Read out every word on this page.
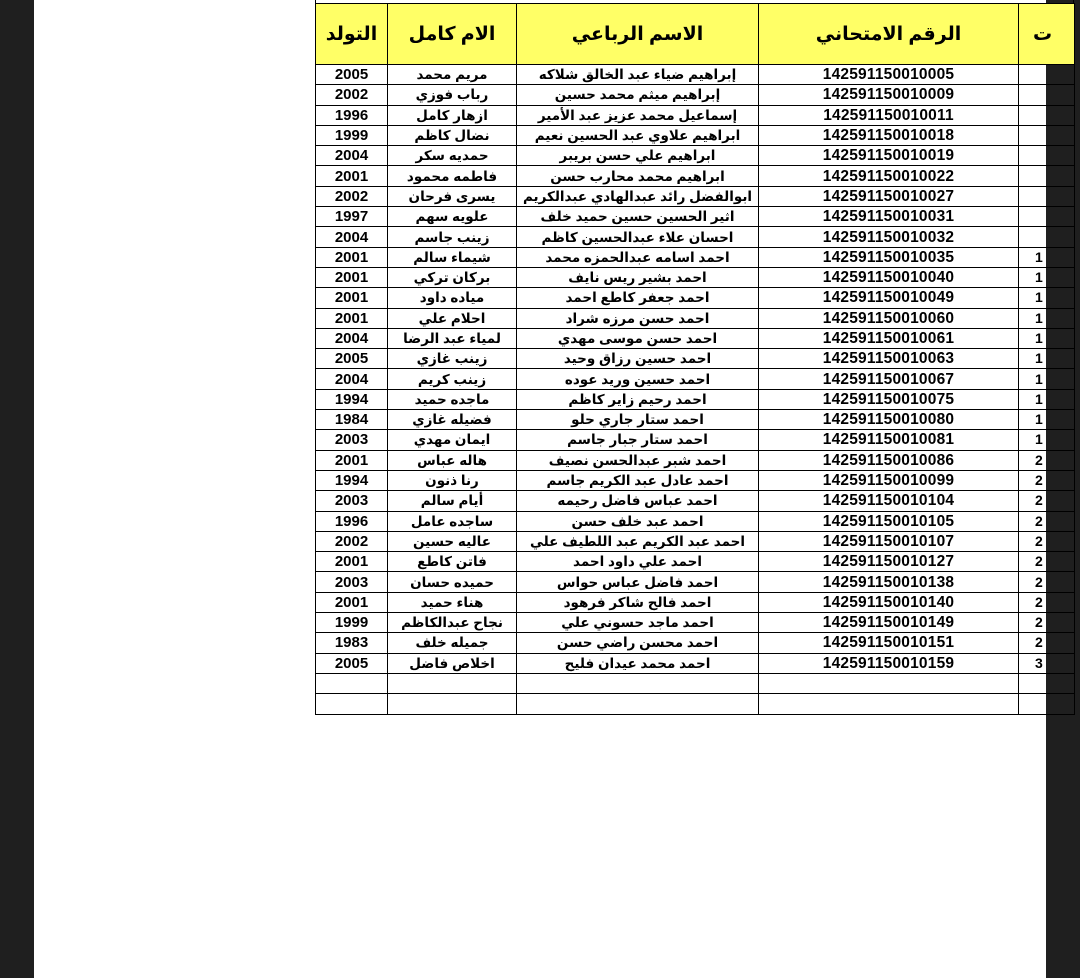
التولد	الام كامل	الاسم الرباعي	الرقم الامتحاني	ت
2005	مريم محمد	إبراهيم ضياء عبد الخالق شلاكه	142591150010005	
2002	رباب فوزي	إبراهيم ميثم محمد حسين	142591150010009	
1996	ازهار كامل	إسماعيل محمد عزيز عبد الأمير	142591150010011	
1999	نضال كاظم	ابراهيم علاوي عبد الحسين نعيم	142591150010018	
2004	حمديه سكر	ابراهيم علي حسن بريبر	142591150010019	
2001	فاطمه محمود	ابراهيم محمد محارب حسن	142591150010022	
2002	يسرى فرحان	ابوالفضل رائد عبدالهادي عبدالكريم	142591150010027	
1997	علويه سهم	اثير الحسين حسين حميد خلف	142591150010031	
2004	زينب جاسم	احسان علاء عبدالحسين كاظم	142591150010032	
2001	شيماء سالم	احمد اسامه عبدالحمزه محمد	142591150010035	1
2001	بركان تركي	احمد بشير ريس نايف	142591150010040	1
2001	مياده داود	احمد جعفر كاطع احمد	142591150010049	1
2001	احلام علي	احمد حسن مرزه شراد	142591150010060	1
2004	لمياء عبد الرضا	احمد حسن موسى مهدي	142591150010061	1
2005	زينب غازي	احمد حسين رزاق وحيد	142591150010063	1
2004	زينب كريم	احمد حسين وريد عوده	142591150010067	1
1994	ماجده حميد	احمد رحيم زاير كاظم	142591150010075	1
1984	فضيله غازي	احمد ستار جاري حلو	142591150010080	1
2003	ايمان مهدي	احمد ستار جبار جاسم	142591150010081	1
2001	هاله عباس	احمد شبر عبدالحسن نصيف	142591150010086	2
1994	رنا ذنون	احمد عادل عبد الكريم جاسم	142591150010099	2
2003	أيام سالم	احمد عباس فاضل رحيمه	142591150010104	2
1996	ساجده عامل	احمد عبد خلف حسن	142591150010105	2
2002	عاليه حسين	احمد عبد الكريم عبد اللطيف علي	142591150010107	2
2001	فاتن كاطع	احمد علي داود احمد	142591150010127	2
2003	حميده حسان	احمد فاضل عباس حواس	142591150010138	2
2001	هناء حميد	احمد فالح شاكر فرهود	142591150010140	2
1999	نجاح عبدالكاظم	احمد ماجد حسوني علي	142591150010149	2
1983	جميله خلف	احمد محسن راضي حسن	142591150010151	2
2005	اخلاص فاضل	احمد محمد عيدان فليح	142591150010159	3
